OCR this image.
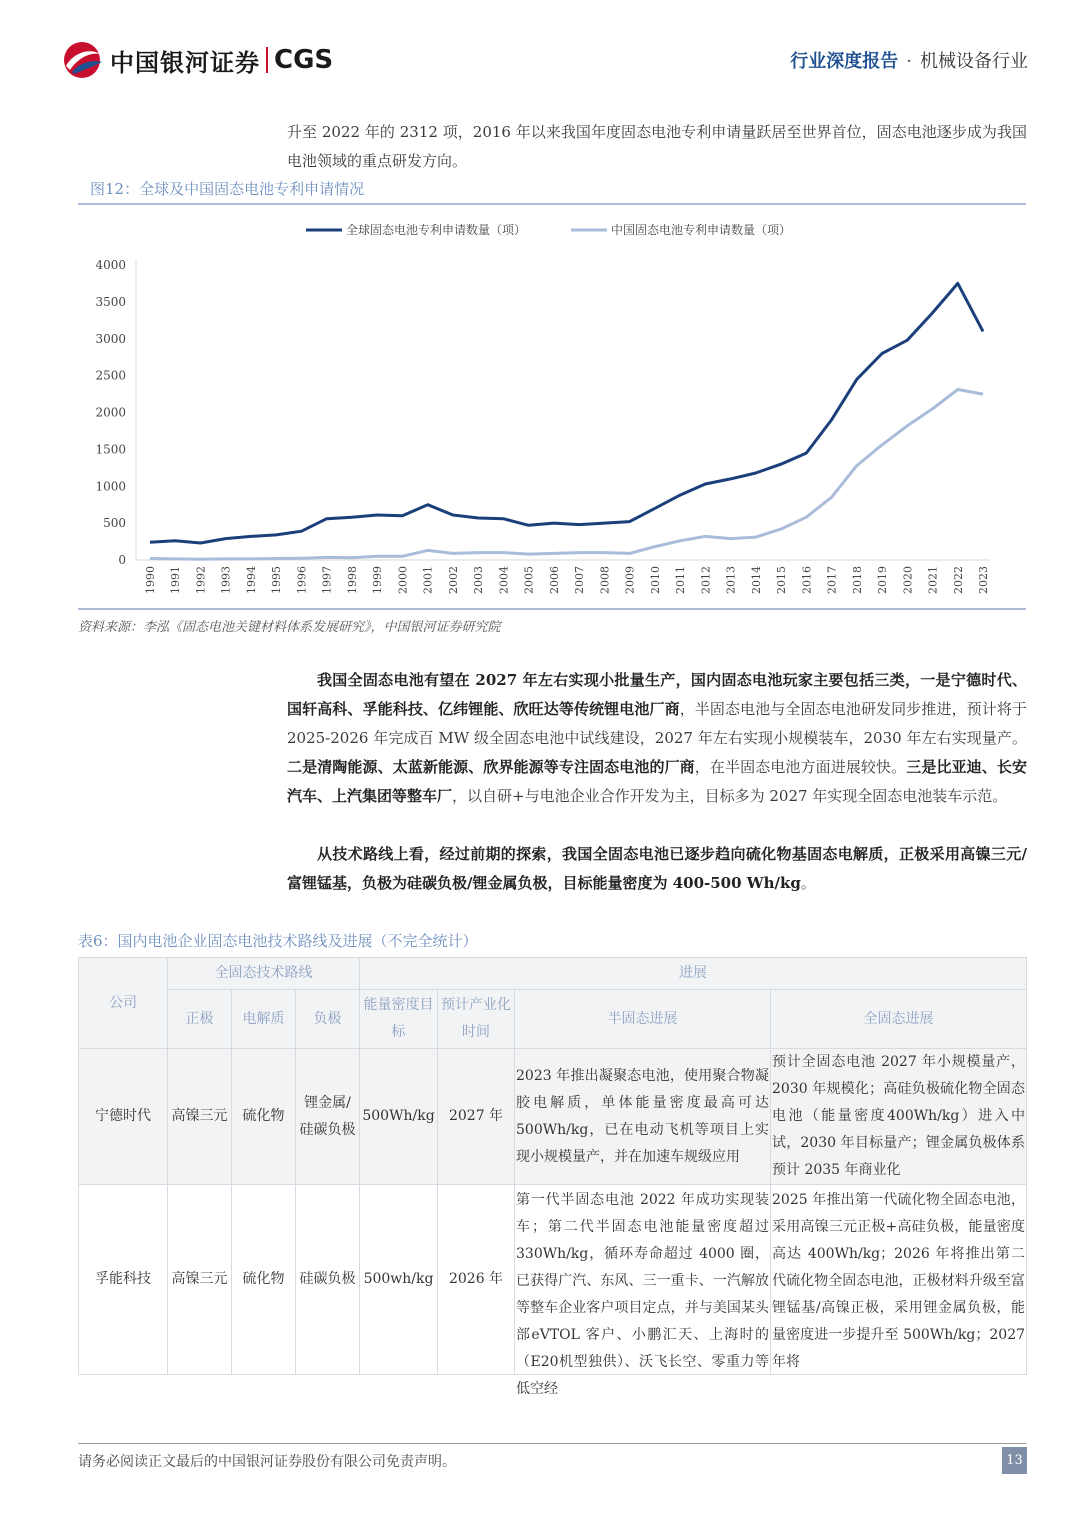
中国银河证券 CGS	行业深度报告 · 机械设备行业

升至 2022 年的 2312 项，2016 年以来我国年度固态电池专利申请量跃居至世界首位，固态电池逐步成为我国电池领域的重点研发方向。

图12：全球及中国固态电池专利申请情况
全球固态电池专利申请数量（项）	中国固态电池专利申请数量（项）
0
500
1000
1500
2000
2500
3000
3500
4000
1990 1991 1992 1993 1994 1995 1996 1997 1998 1999 2000 2001 2002 2003 2004 2005 2006 2007 2008 2009 2010 2011 2012 2013 2014 2015 2016 2017 2018 2019 2020 2021 2022 2023
资料来源：李泓《固态电池关键材料体系发展研究》，中国银河证券研究院

我国全固态电池有望在 2027 年左右实现小批量生产，国内固态电池玩家主要包括三类，一是宁德时代、国轩高科、孚能科技、亿纬锂能、欣旺达等传统锂电池厂商，半固态电池与全固态电池研发同步推进，预计将于 2025-2026 年完成百 MW 级全固态电池中试线建设，2027 年左右实现小规模装车，2030 年左右实现量产。二是清陶能源、太蓝新能源、欣界能源等专注固态电池的厂商，在半固态电池方面进展较快。三是比亚迪、长安汽车、上汽集团等整车厂，以自研+与电池企业合作开发为主，目标多为 2027 年实现全固态电池装车示范。

从技术路线上看，经过前期的探索，我国全固态电池已逐步趋向硫化物基固态电解质，正极采用高镍三元/富锂锰基，负极为硅碳负极/锂金属负极，目标能量密度为 400-500 Wh/kg。

表6：国内电池企业固态电池技术路线及进展（不完全统计）
公司	全固态技术路线			进展			
	正极	电解质	负极	能量密度目标	预计产业化时间	半固态进展	全固态进展
宁德时代	高镍三元	硫化物	锂金属/硅碳负极	500Wh/kg	2027 年	2023 年推出凝聚态电池，使用聚合物凝胶电解质，单体能量密度最高可达500Wh/kg，已在电动飞机等项目上实现小规模量产，并在加速车规级应用	预计全固态电池 2027 年小规模量产，2030 年规模化；高硅负极硫化物全固态电池（能量密度400Wh/kg）进入中试，2030 年目标量产；锂金属负极体系预计 2035 年商业化
孚能科技	高镍三元	硫化物	硅碳负极	500wh/kg	2026 年	第一代半固态电池 2022 年成功实现装车；第二代半固态电池能量密度超过330Wh/kg，循环寿命超过 4000 圈，已获得广汽、东风、三一重卡、一汽解放等整车企业客户项目定点，并与美国某头部eVTOL 客户、小鹏汇天、上海时的（E20机型独供）、沃飞长空、零重力等低空经	2025 年推出第一代硫化物全固态电池，采用高镍三元正极+高硅负极，能量密度高达 400Wh/kg；2026 年将推出第二代硫化物全固态电池，正极材料升级至富锂锰基/高镍正极，采用锂金属负极，能量密度进一步提升至 500Wh/kg；2027 年将
请务必阅读正文最后的中国银河证券股份有限公司免责声明。	13
